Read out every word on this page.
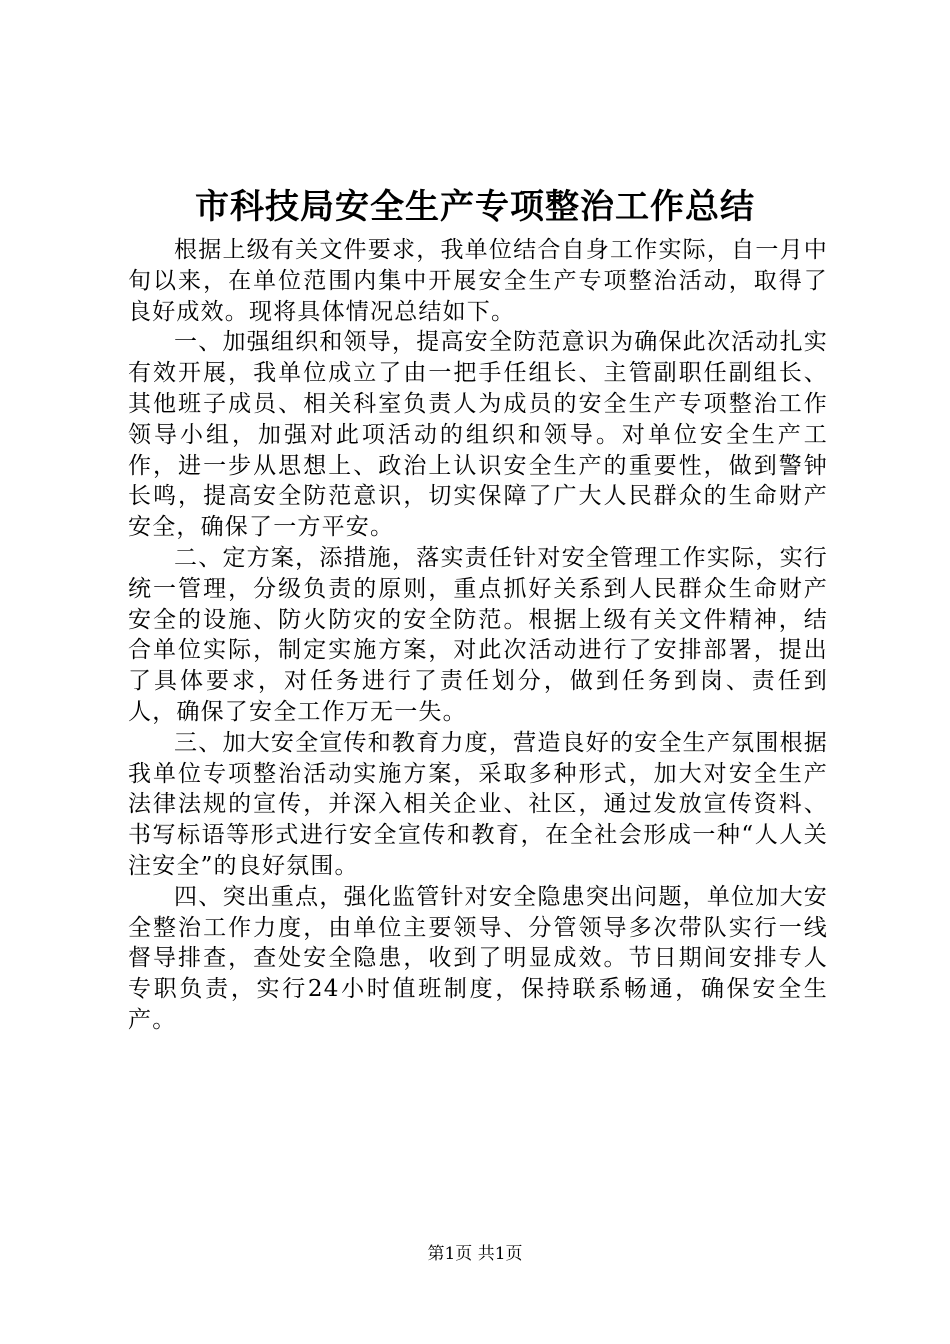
市科技局安全生产专项整治工作总结

根据上级有关文件要求，我单位结合自身工作实际，自一月中旬以来，在单位范围内集中开展安全生产专项整治活动，取得了良好成效。现将具体情况总结如下。

一、加强组织和领导，提高安全防范意识为确保此次活动扎实有效开展，我单位成立了由一把手任组长、主管副职任副组长、其他班子成员、相关科室负责人为成员的安全生产专项整治工作领导小组，加强对此项活动的组织和领导。对单位安全生产工作，进一步从思想上、政治上认识安全生产的重要性，做到警钟长鸣，提高安全防范意识，切实保障了广大人民群众的生命财产安全，确保了一方平安。

二、定方案，添措施，落实责任针对安全管理工作实际，实行统一管理，分级负责的原则，重点抓好关系到人民群众生命财产安全的设施、防火防灾的安全防范。根据上级有关文件精神，结合单位实际，制定实施方案，对此次活动进行了安排部署，提出了具体要求，对任务进行了责任划分，做到任务到岗、责任到人，确保了安全工作万无一失。

三、加大安全宣传和教育力度，营造良好的安全生产氛围根据我单位专项整治活动实施方案，采取多种形式，加大对安全生产法律法规的宣传，并深入相关企业、社区，通过发放宣传资料、书写标语等形式进行安全宣传和教育，在全社会形成一种“人人关注安全”的良好氛围。

四、突出重点，强化监管针对安全隐患突出问题，单位加大安全整治工作力度，由单位主要领导、分管领导多次带队实行一线督导排查，查处安全隐患，收到了明显成效。节日期间安排专人专职负责，实行24小时值班制度，保持联系畅通，确保安全生产。

第1页 共1页
